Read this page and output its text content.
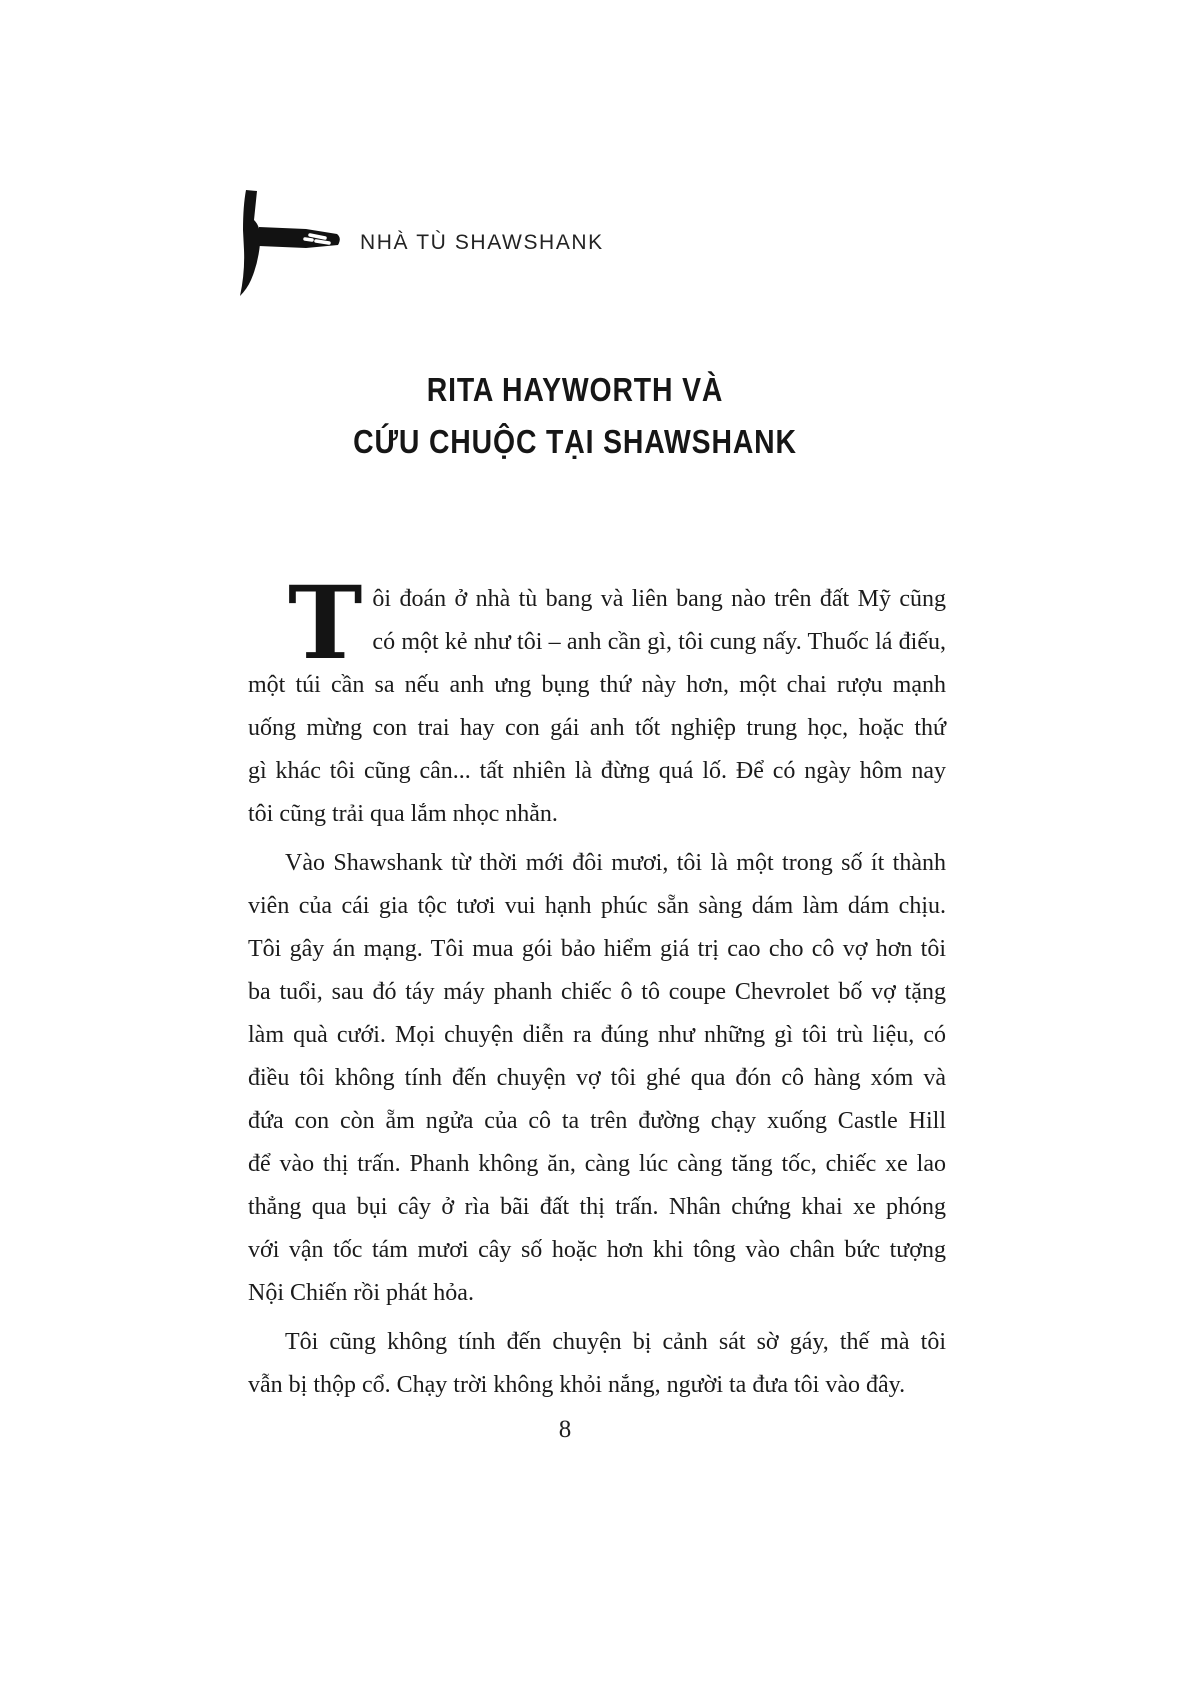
NHÀ TÙ SHAWSHANK
RITA HAYWORTH VÀ
CỨU CHUỘC TẠI SHAWSHANK
T ôi đoán ở nhà tù bang và liên bang nào trên đất Mỹ cũng
có một kẻ như tôi – anh cần gì, tôi cung nấy. Thuốc lá điếu,
một túi cần sa nếu anh ưng bụng thứ này hơn, một chai rượu mạnh
uống mừng con trai hay con gái anh tốt nghiệp trung học, hoặc thứ
gì khác tôi cũng cân... tất nhiên là đừng quá lố. Để có ngày hôm nay
tôi cũng trải qua lắm nhọc nhằn.
Vào Shawshank từ thời mới đôi mươi, tôi là một trong số ít thành
viên của cái gia tộc tươi vui hạnh phúc sẵn sàng dám làm dám chịu.
Tôi gây án mạng. Tôi mua gói bảo hiểm giá trị cao cho cô vợ hơn tôi
ba tuổi, sau đó táy máy phanh chiếc ô tô coupe Chevrolet bố vợ tặng
làm quà cưới. Mọi chuyện diễn ra đúng như những gì tôi trù liệu, có
điều tôi không tính đến chuyện vợ tôi ghé qua đón cô hàng xóm và
đứa con còn ẵm ngửa của cô ta trên đường chạy xuống Castle Hill
để vào thị trấn. Phanh không ăn, càng lúc càng tăng tốc, chiếc xe lao
thẳng qua bụi cây ở rìa bãi đất thị trấn. Nhân chứng khai xe phóng
với vận tốc tám mươi cây số hoặc hơn khi tông vào chân bức tượng
Nội Chiến rồi phát hỏa.
Tôi cũng không tính đến chuyện bị cảnh sát sờ gáy, thế mà tôi
vẫn bị thộp cổ. Chạy trời không khỏi nắng, người ta đưa tôi vào đây.
8
